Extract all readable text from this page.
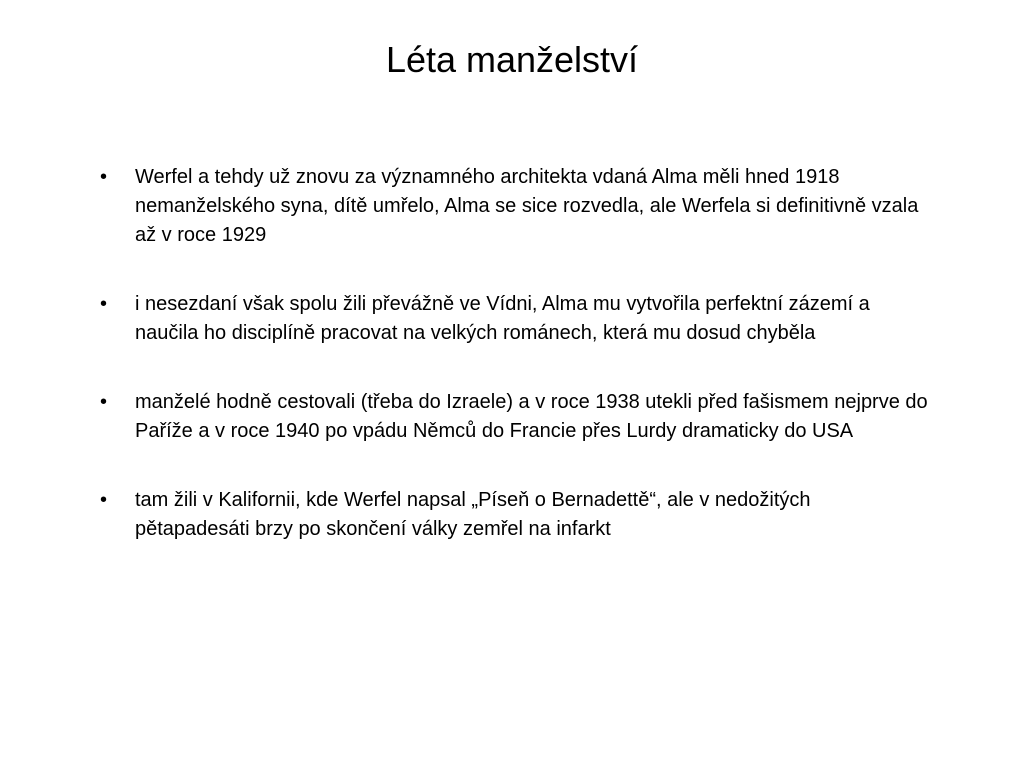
Léta manželství
•	Werfel a tehdy už znovu za významného architekta vdaná Alma měli hned 1918 nemanželského syna, dítě umřelo, Alma se sice rozvedla, ale Werfela si definitivně vzala až v roce 1929
•	i nesezdaní však spolu žili převážně ve Vídni, Alma mu vytvořila perfektní zázemí a naučila ho disciplíně pracovat na velkých románech, která mu dosud chyběla
•	manželé hodně cestovali (třeba do Izraele) a v roce 1938 utekli před fašismem nejprve do Paříže a v roce 1940 po vpádu Němců do Francie přes Lurdy dramaticky do USA
•	tam žili v Kalifornii, kde Werfel napsal „Píseň o Bernadettě“, ale v nedožitých pětapadesáti brzy po skončení války zemřel na infarkt
